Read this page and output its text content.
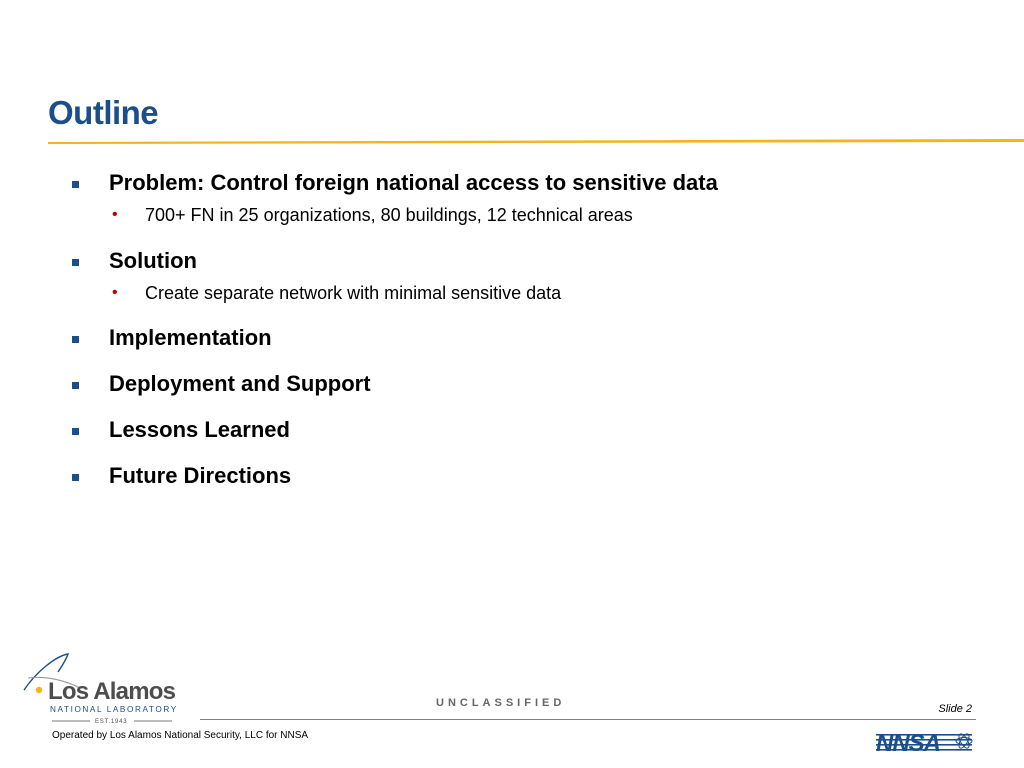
Outline
Problem: Control foreign national access to sensitive data
• 700+ FN in 25 organizations, 80 buildings, 12 technical areas
Solution
• Create separate network with minimal sensitive data
Implementation
Deployment and Support
Lessons Learned
Future Directions
Los Alamos
NATIONAL LABORATORY
EST.1943
UNCLASSIFIED	Slide 2
Operated by Los Alamos National Security, LLC for NNSA	NNSA
